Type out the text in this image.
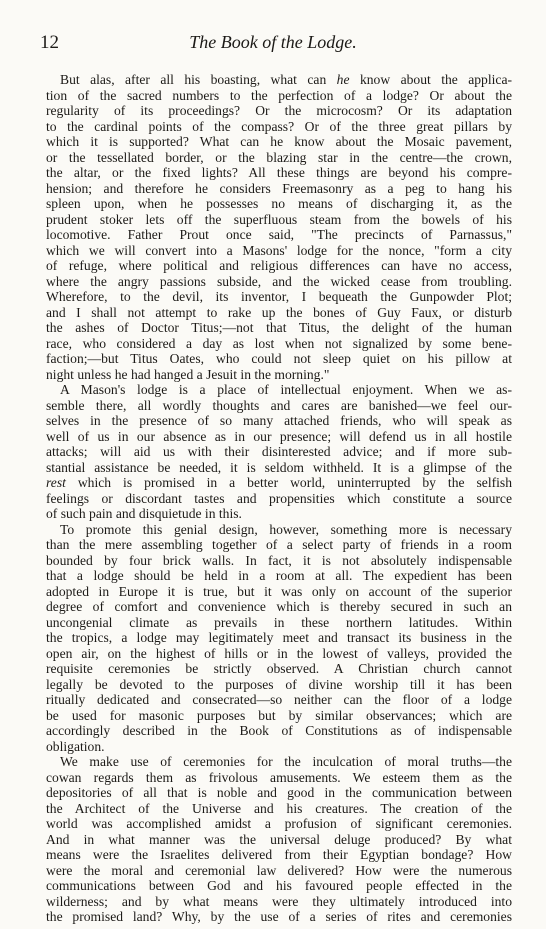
12	The Book of the Lodge.
But alas, after all his boasting, what can he know about the applica-
tion of the sacred numbers to the perfection of a lodge? Or about the
regularity of its proceedings? Or the microcosm? Or its adaptation
to the cardinal points of the compass? Or of the three great pillars by
which it is supported? What can he know about the Mosaic pavement,
or the tessellated border, or the blazing star in the centre—the crown,
the altar, or the fixed lights? All these things are beyond his compre-
hension; and therefore he considers Freemasonry as a peg to hang his
spleen upon, when he possesses no means of discharging it, as the
prudent stoker lets off the superfluous steam from the bowels of his
locomotive. Father Prout once said, "The precincts of Parnassus,"
which we will convert into a Masons' lodge for the nonce, "form a city
of refuge, where political and religious differences can have no access,
where the angry passions subside, and the wicked cease from troubling.
Wherefore, to the devil, its inventor, I bequeath the Gunpowder Plot;
and I shall not attempt to rake up the bones of Guy Faux, or disturb
the ashes of Doctor Titus;—not that Titus, the delight of the human
race, who considered a day as lost when not signalized by some bene-
faction;—but Titus Oates, who could not sleep quiet on his pillow at
night unless he had hanged a Jesuit in the morning."
A Mason's lodge is a place of intellectual enjoyment. When we as-
semble there, all wordly thoughts and cares are banished—we feel our-
selves in the presence of so many attached friends, who will speak as
well of us in our absence as in our presence; will defend us in all hostile
attacks; will aid us with their disinterested advice; and if more sub-
stantial assistance be needed, it is seldom withheld. It is a glimpse of the
rest which is promised in a better world, uninterrupted by the selfish
feelings or discordant tastes and propensities which constitute a source
of such pain and disquietude in this.
To promote this genial design, however, something more is necessary
than the mere assembling together of a select party of friends in a room
bounded by four brick walls. In fact, it is not absolutely indispensable
that a lodge should be held in a room at all. The expedient has been
adopted in Europe it is true, but it was only on account of the superior
degree of comfort and convenience which is thereby secured in such an
uncongenial climate as prevails in these northern latitudes. Within
the tropics, a lodge may legitimately meet and transact its business in the
open air, on the highest of hills or in the lowest of valleys, provided the
requisite ceremonies be strictly observed. A Christian church cannot
legally be devoted to the purposes of divine worship till it has been
ritually dedicated and consecrated—so neither can the floor of a lodge
be used for masonic purposes but by similar observances; which are
accordingly described in the Book of Constitutions as of indispensable
obligation.
We make use of ceremonies for the inculcation of moral truths—the
cowan regards them as frivolous amusements. We esteem them as the
depositories of all that is noble and good in the communication between
the Architect of the Universe and his creatures. The creation of the
world was accomplished amidst a profusion of significant ceremonies.
And in what manner was the universal deluge produced? By what
means were the Israelites delivered from their Egyptian bondage? How
were the moral and ceremonial law delivered? How were the numerous
communications between God and his favoured people effected in the
wilderness; and by what means were they ultimately introduced into
the promised land? Why, by the use of a series of rites and ceremonies
